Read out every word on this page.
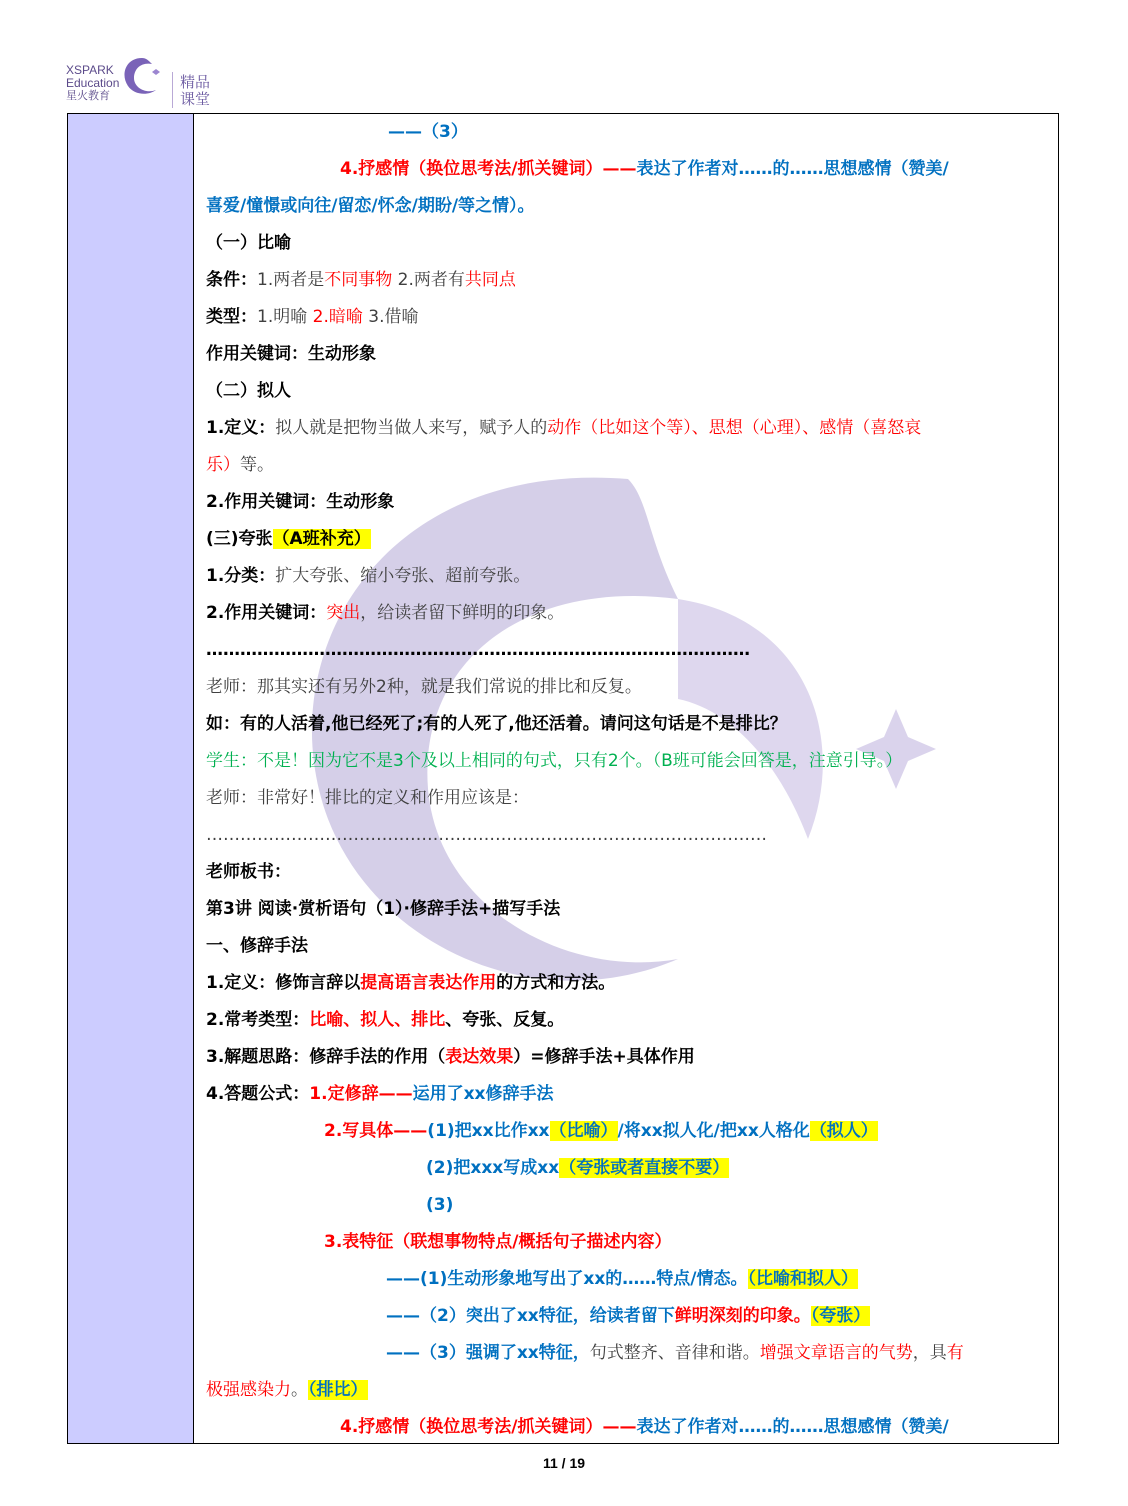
XSPARK
Education
星火教育
精品
课堂
——（3）
4.抒感情（换位思考法/抓关键词）——表达了作者对……的……思想感情（赞美/
喜爱/憧憬或向往/留恋/怀念/期盼/等之情）。
（一）比喻
条件：1.两者是不同事物 2.两者有共同点
类型：1.明喻 2.暗喻 3.借喻
作用关键词：生动形象
（二）拟人
1.定义：拟人就是把物当做人来写，赋予人的动作（比如这个等）、思想（心理）、感情（喜怒哀
乐）等。
2.作用关键词：生动形象
(三)夸张（A班补充）
1.分类：扩大夸张、缩小夸张、超前夸张。
2.作用关键词：突出，给读者留下鲜明的印象。
……………………………………………………………………………………
老师：那其实还有另外2种，就是我们常说的排比和反复。
如：有的人活着,他已经死了;有的人死了,他还活着。请问这句话是不是排比？
学生：不是！因为它不是3个及以上相同的句式，只有2个。（B班可能会回答是，注意引导。）
老师：非常好！排比的定义和作用应该是：
………………………………………………………………………………………
老师板书：
第3讲 阅读·赏析语句（1）·修辞手法+描写手法
一、修辞手法
1.定义：修饰言辞以提高语言表达作用的方式和方法。
2.常考类型：比喻、拟人、排比、夸张、反复。
3.解题思路：修辞手法的作用（表达效果）=修辞手法+具体作用
4.答题公式：1.定修辞——运用了xx修辞手法
2.写具体——(1)把xx比作xx（比喻）/将xx拟人化/把xx人格化（拟人）
(2)把xxx写成xx（夸张或者直接不要）
(3)
3.表特征（联想事物特点/概括句子描述内容）
——(1)生动形象地写出了xx的……特点/情态。（比喻和拟人）
——（2）突出了xx特征，给读者留下鲜明深刻的印象。（夸张）
——（3）强调了xx特征，句式整齐、音律和谐。增强文章语言的气势，具有
极强感染力。（排比）
4.抒感情（换位思考法/抓关键词）——表达了作者对……的……思想感情（赞美/
11 / 19
